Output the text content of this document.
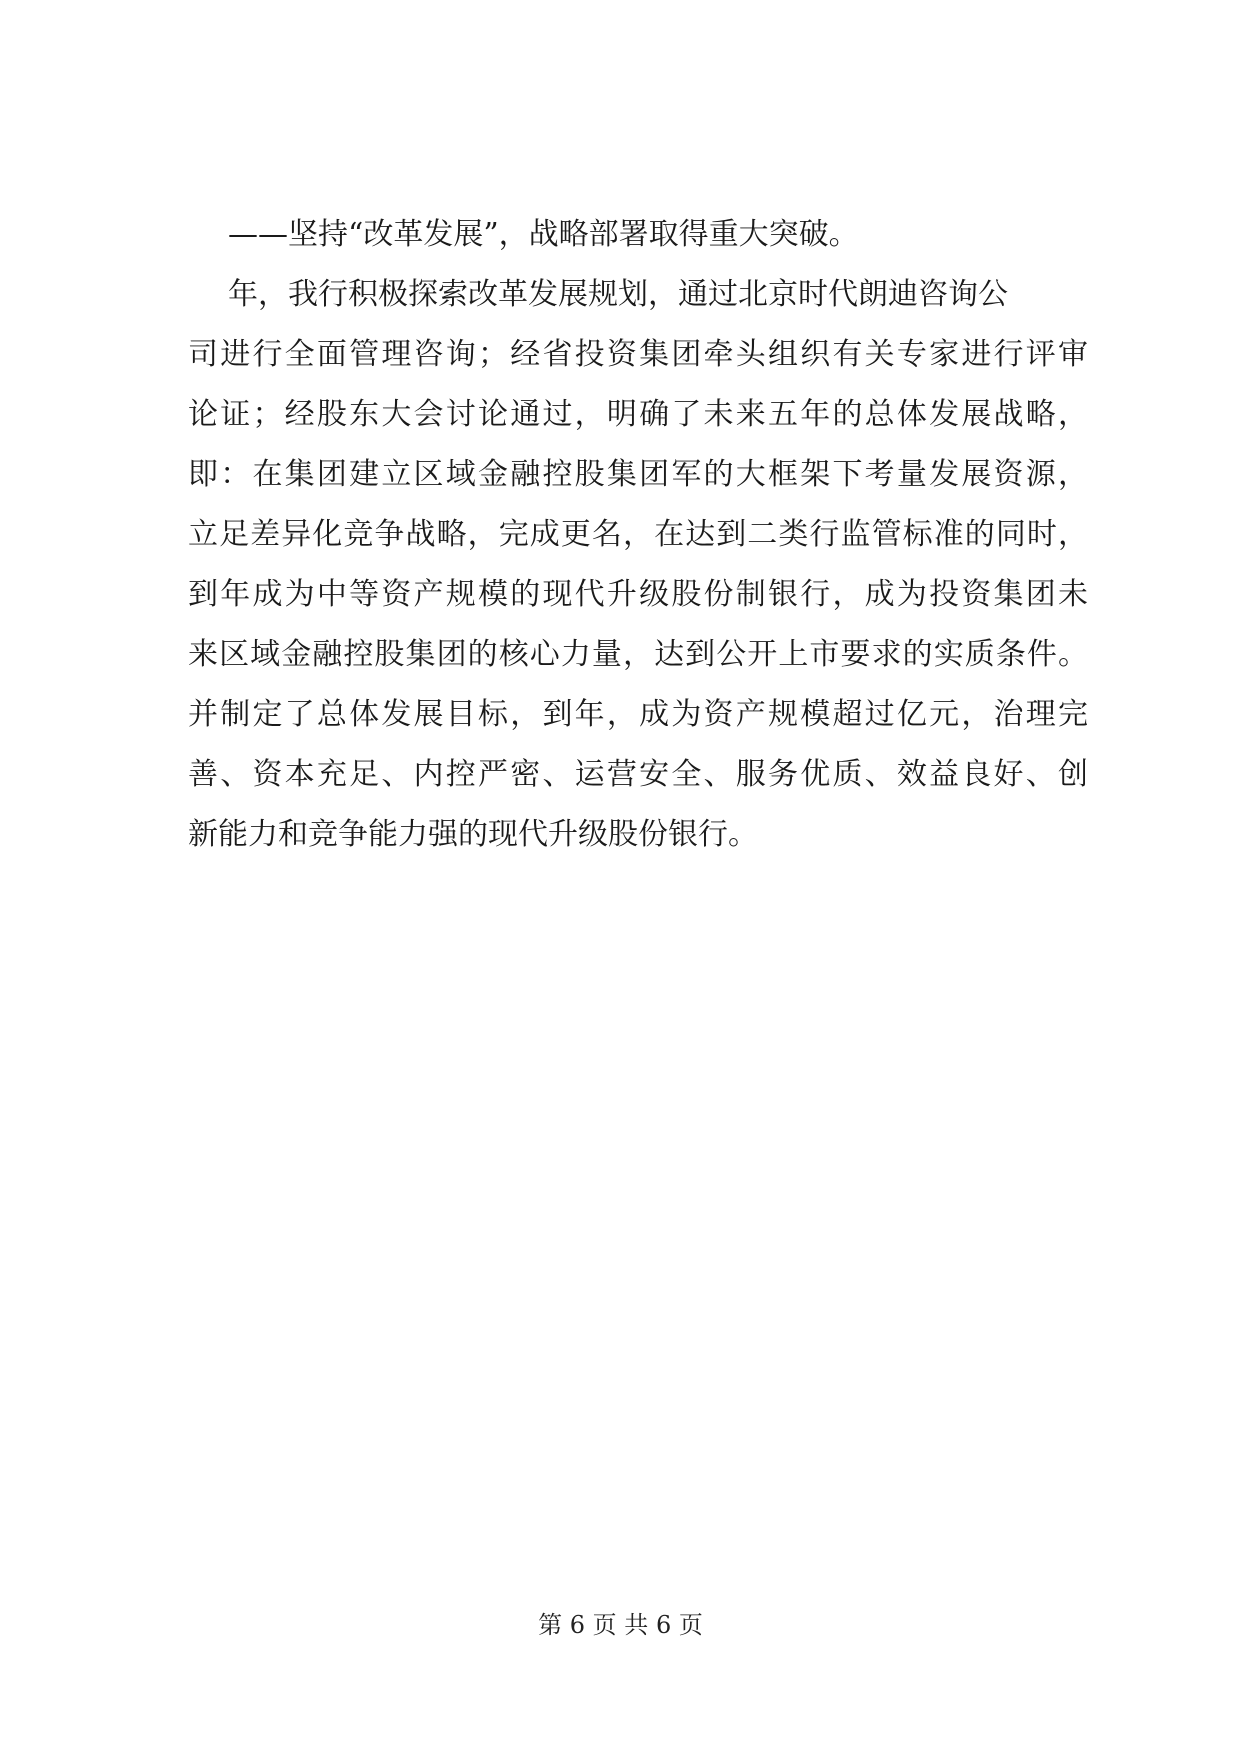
——坚持“改革发展”，战略部署取得重大突破。
年，我行积极探索改革发展规划，通过北京时代朗迪咨询公
司进行全面管理咨询；经省投资集团牵头组织有关专家进行评审
论证；经股东大会讨论通过，明确了未来五年的总体发展战略，
即：在集团建立区域金融控股集团军的大框架下考量发展资源，
立足差异化竞争战略，完成更名，在达到二类行监管标准的同时，
到年成为中等资产规模的现代升级股份制银行，成为投资集团未
来区域金融控股集团的核心力量，达到公开上市要求的实质条件。
并制定了总体发展目标，到年，成为资产规模超过亿元，治理完
善、资本充足、内控严密、运营安全、服务优质、效益良好、创
新能力和竞争能力强的现代升级股份银行。
第 6 页 共 6 页
